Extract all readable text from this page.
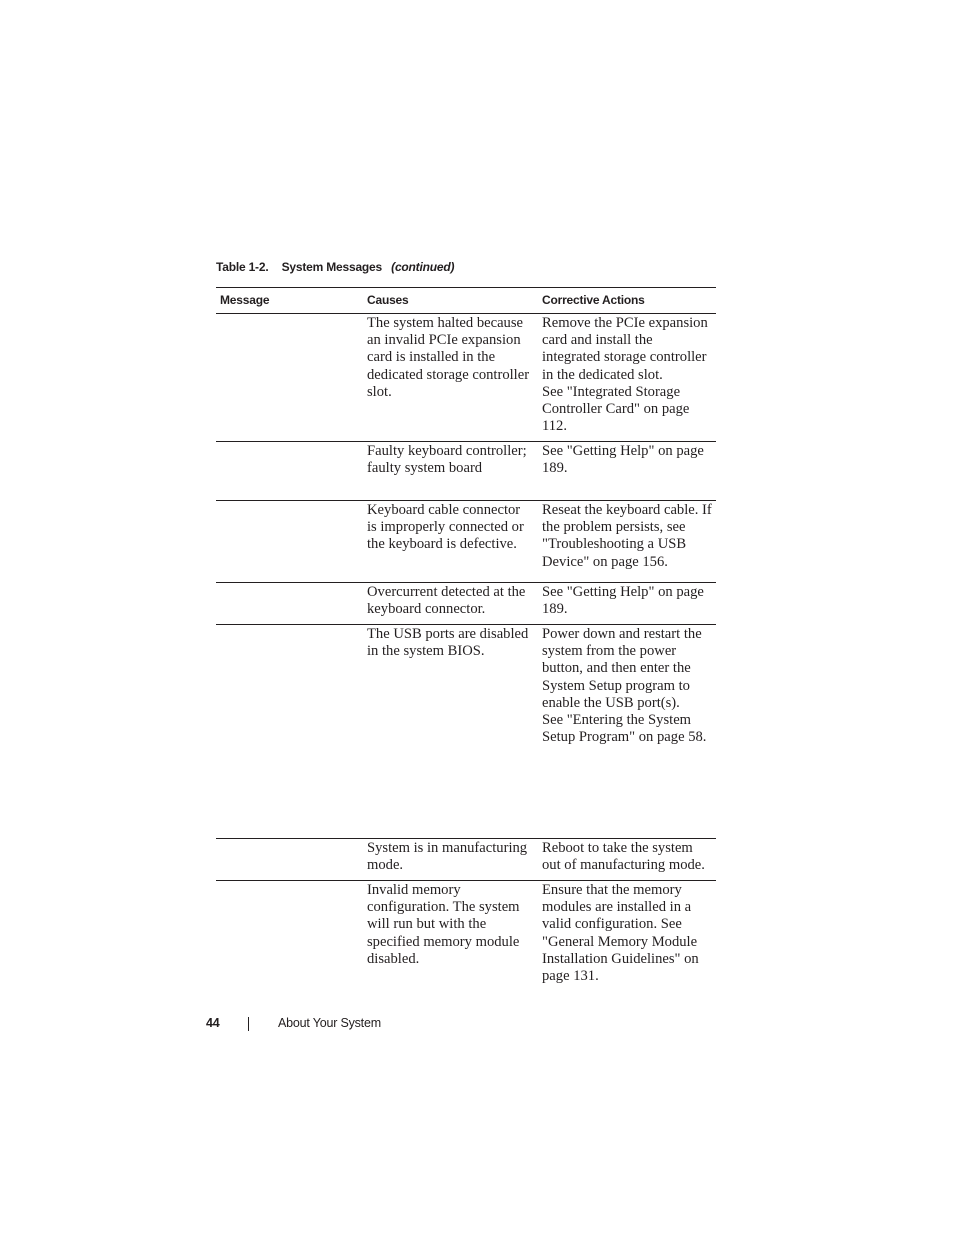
Table 1-2. System Messages (continued)
Message	Causes	Corrective Actions

	The system halted because an invalid PCIe expansion card is installed in the dedicated storage controller slot.	Remove the PCIe expansion card and install the integrated storage controller in the dedicated slot.
See "Integrated Storage Controller Card" on page 112.

	Faulty keyboard controller; faulty system board	See "Getting Help" on page 189.

	Keyboard cable connector is improperly connected or the keyboard is defective.	Reseat the keyboard cable. If the problem persists, see "Troubleshooting a USB Device" on page 156.

	Overcurrent detected at the keyboard connector.	See "Getting Help" on page 189.

	The USB ports are disabled in the system BIOS.	Power down and restart the system from the power button, and then enter the System Setup program to enable the USB port(s).
See "Entering the System Setup Program" on page 58.

	System is in manufacturing mode.	Reboot to take the system out of manufacturing mode.

	Invalid memory configuration. The system will run but with the specified memory module disabled.	Ensure that the memory modules are installed in a valid configuration. See "General Memory Module Installation Guidelines" on page 131.
44	About Your System
